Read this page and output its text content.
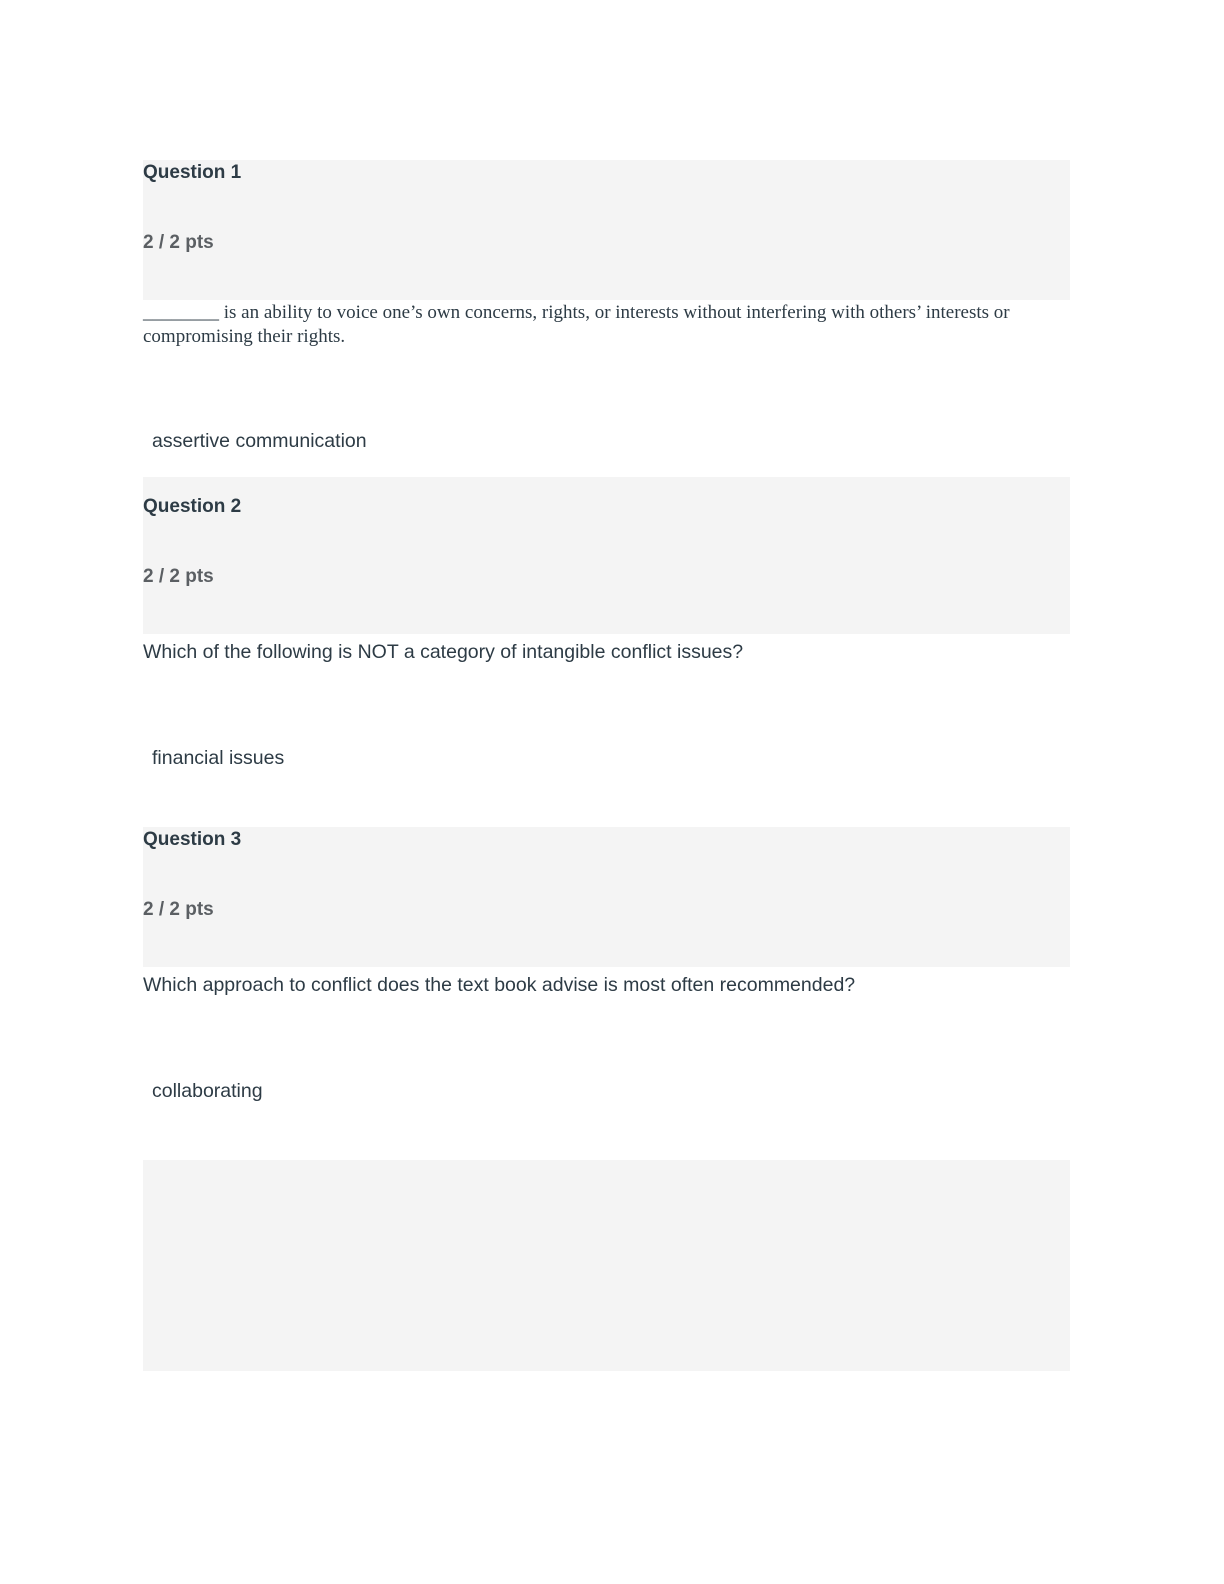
Question 1
2 / 2 pts
________ is an ability to voice one’s own concerns, rights, or interests without interfering with others’ interests or compromising their rights.
assertive communication
Question 2
2 / 2 pts
Which of the following is NOT a category of intangible conflict issues?
financial issues
Question 3
2 / 2 pts
Which approach to conflict does the text book advise is most often recommended?
collaborating
